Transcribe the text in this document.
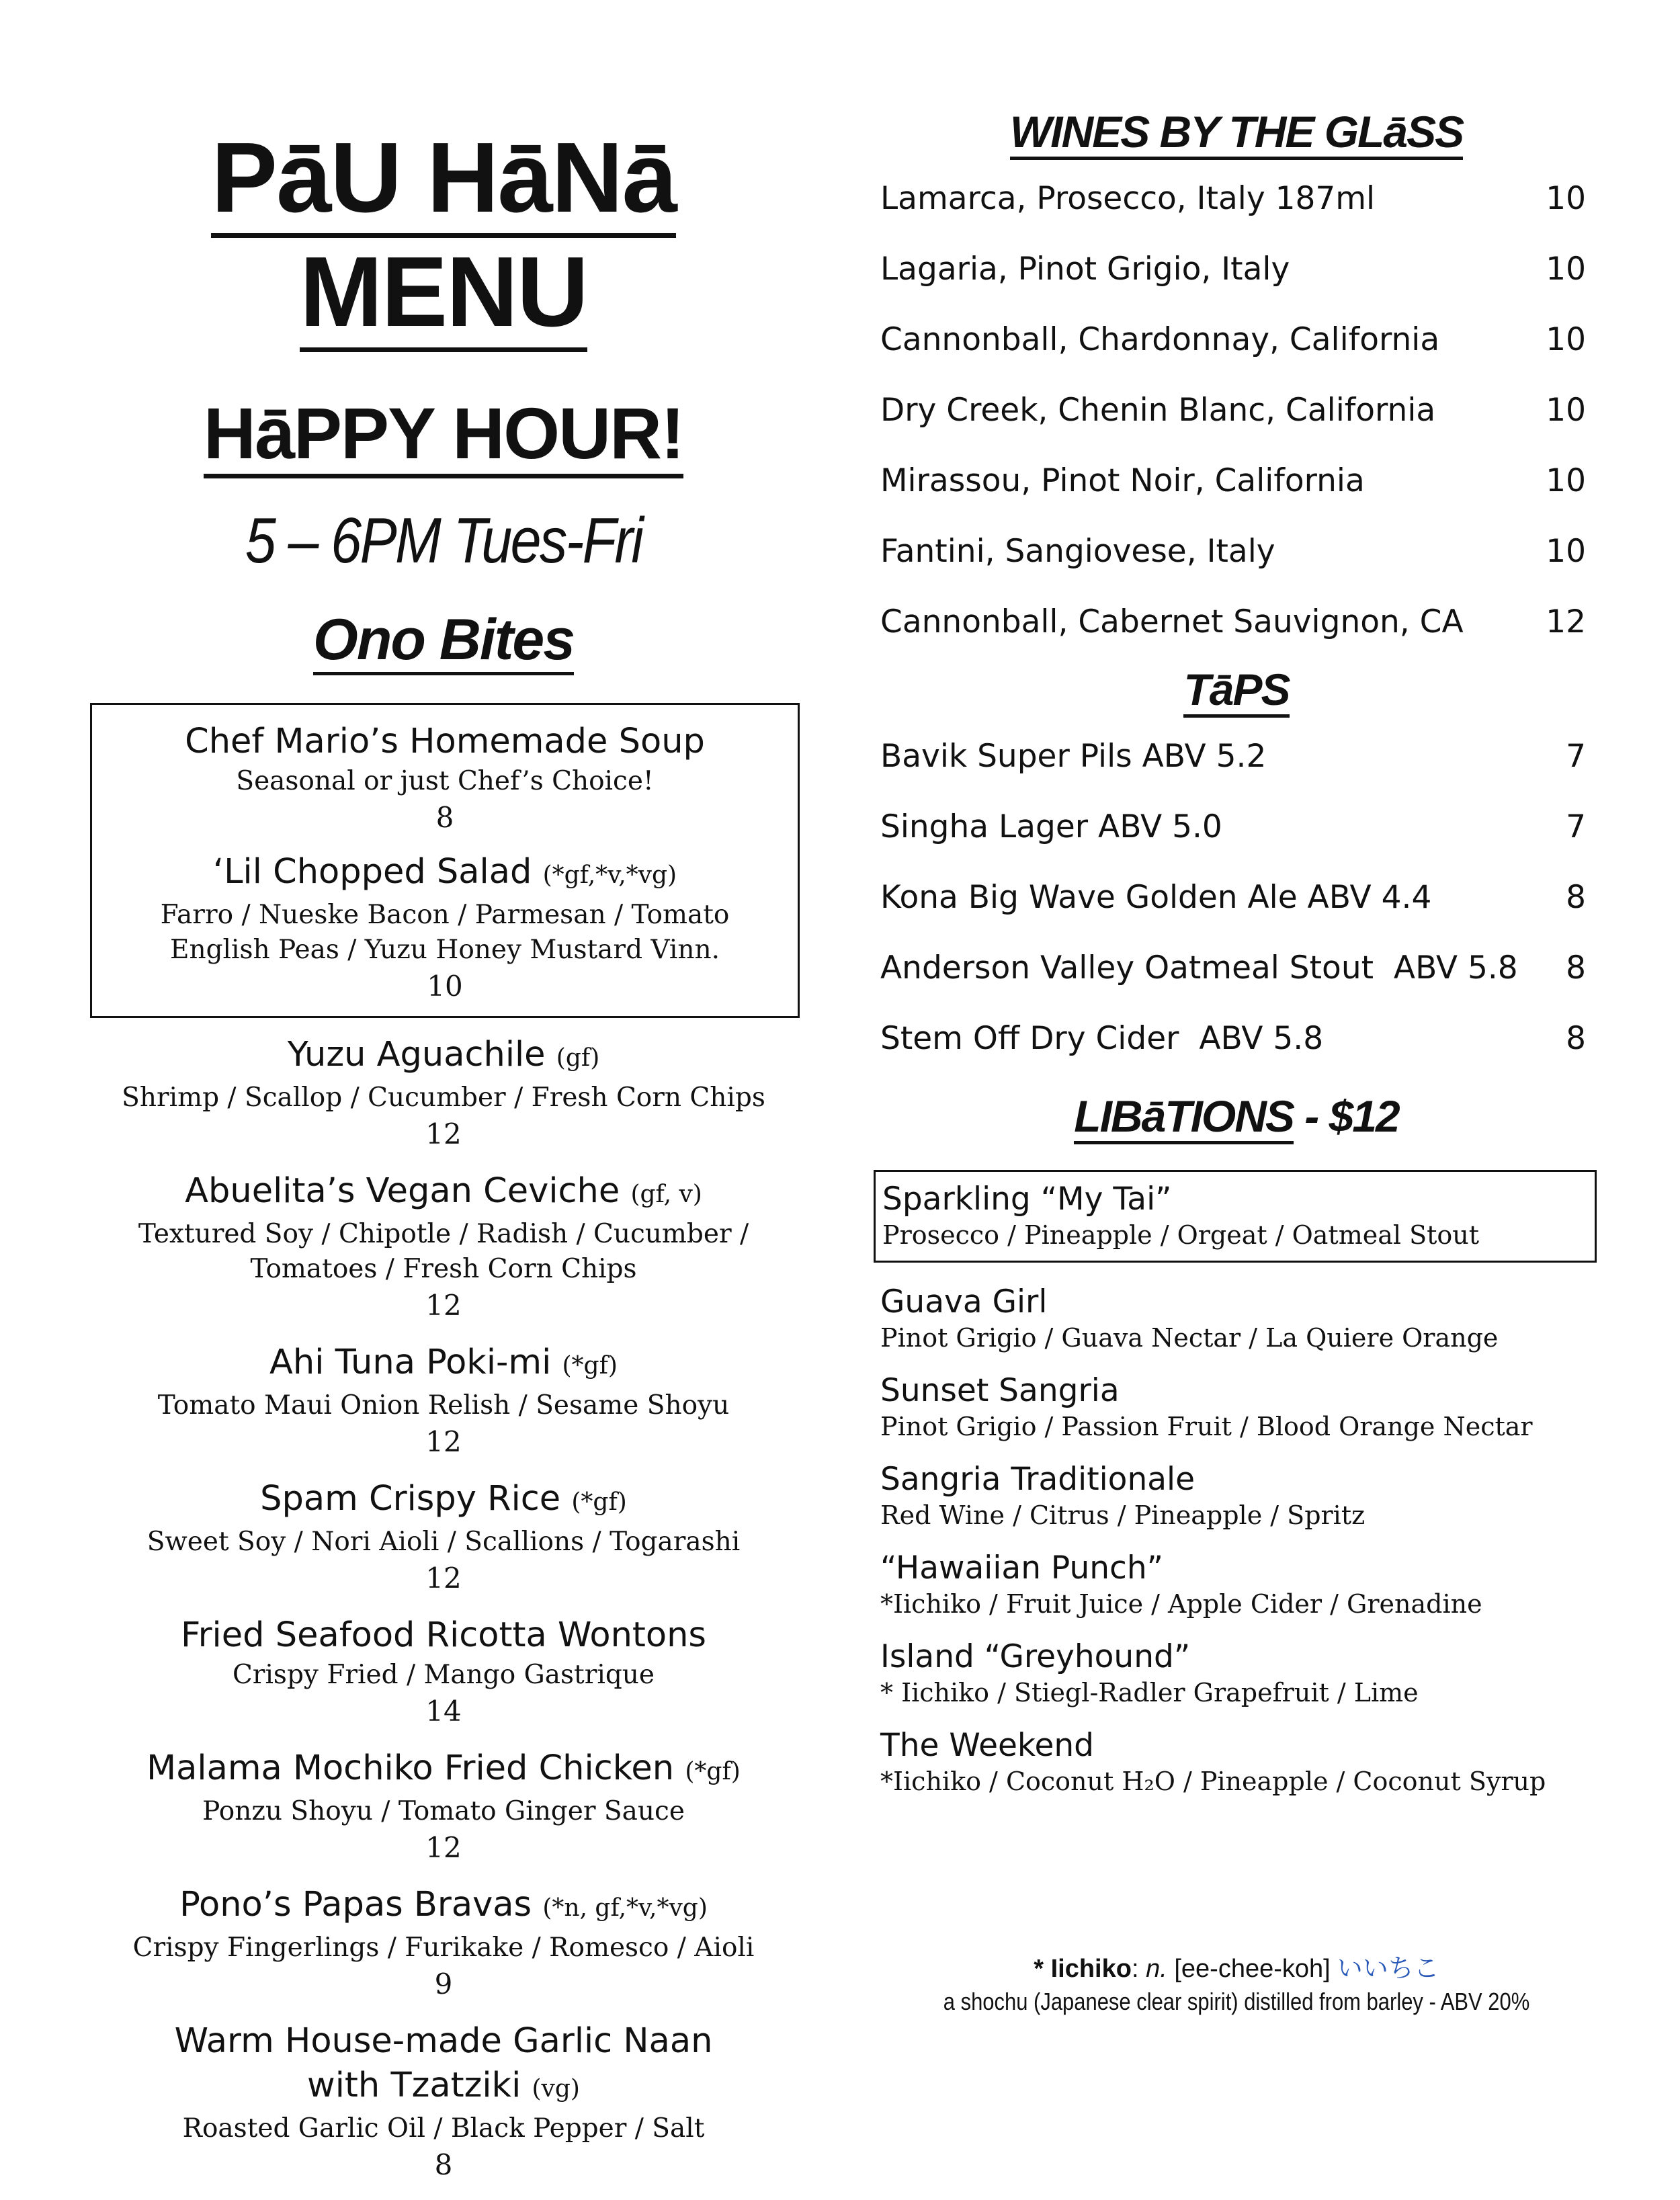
PāU HāNā MENU
HāPPY HOUR!
5 – 6PM Tues-Fri
Ono Bites
Chef Mario’s Homemade Soup
Seasonal or just Chef’s Choice!
8
‘Lil Chopped Salad (*gf,*v,*vg)
Farro / Nueske Bacon / Parmesan / Tomato
English Peas / Yuzu Honey Mustard Vinn.
10
Yuzu Aguachile (gf)
Shrimp / Scallop / Cucumber / Fresh Corn Chips
12
Abuelita’s Vegan Ceviche (gf, v)
Textured Soy / Chipotle / Radish / Cucumber /
Tomatoes / Fresh Corn Chips
12
Ahi Tuna Poki-mi (*gf)
Tomato Maui Onion Relish / Sesame Shoyu
12
Spam Crispy Rice (*gf)
Sweet Soy / Nori Aioli / Scallions / Togarashi
12
Fried Seafood Ricotta Wontons
Crispy Fried / Mango Gastrique
14
Malama Mochiko Fried Chicken (*gf)
Ponzu Shoyu / Tomato Ginger Sauce
12
Pono’s Papas Bravas (*n, gf,*v,*vg)
Crispy Fingerlings / Furikake / Romesco / Aioli
9
Warm House-made Garlic Naan
with Tzatziki (vg)
Roasted Garlic Oil / Black Pepper / Salt
8
WINES BY THE GLāSS
Lamarca, Prosecco, Italy 187ml	10
Lagaria, Pinot Grigio, Italy	10
Cannonball, Chardonnay, California	10
Dry Creek, Chenin Blanc, California	10
Mirassou, Pinot Noir, California	10
Fantini, Sangiovese, Italy	10
Cannonball, Cabernet Sauvignon, CA	12
TāPS
Bavik Super Pils ABV 5.2	7
Singha Lager ABV 5.0	7
Kona Big Wave Golden Ale ABV 4.4	8
Anderson Valley Oatmeal Stout  ABV 5.8 8
Stem Off Dry Cider  ABV 5.8	8
LIBāTIONS - $12
Sparkling “My Tai”
Prosecco / Pineapple / Orgeat / Oatmeal Stout
Guava Girl
Pinot Grigio / Guava Nectar / La Quiere Orange
Sunset Sangria
Pinot Grigio / Passion Fruit / Blood Orange Nectar
Sangria Traditionale
Red Wine / Citrus / Pineapple / Spritz
“Hawaiian Punch”
*Iichiko / Fruit Juice / Apple Cider / Grenadine
Island “Greyhound”
* Iichiko / Stiegl-Radler Grapefruit / Lime
The Weekend
*Iichiko / Coconut H₂O / Pineapple / Coconut Syrup
* Iichiko: n. [ee-chee-koh] いいちこ
a shochu (Japanese clear spirit) distilled from barley - ABV 20%
